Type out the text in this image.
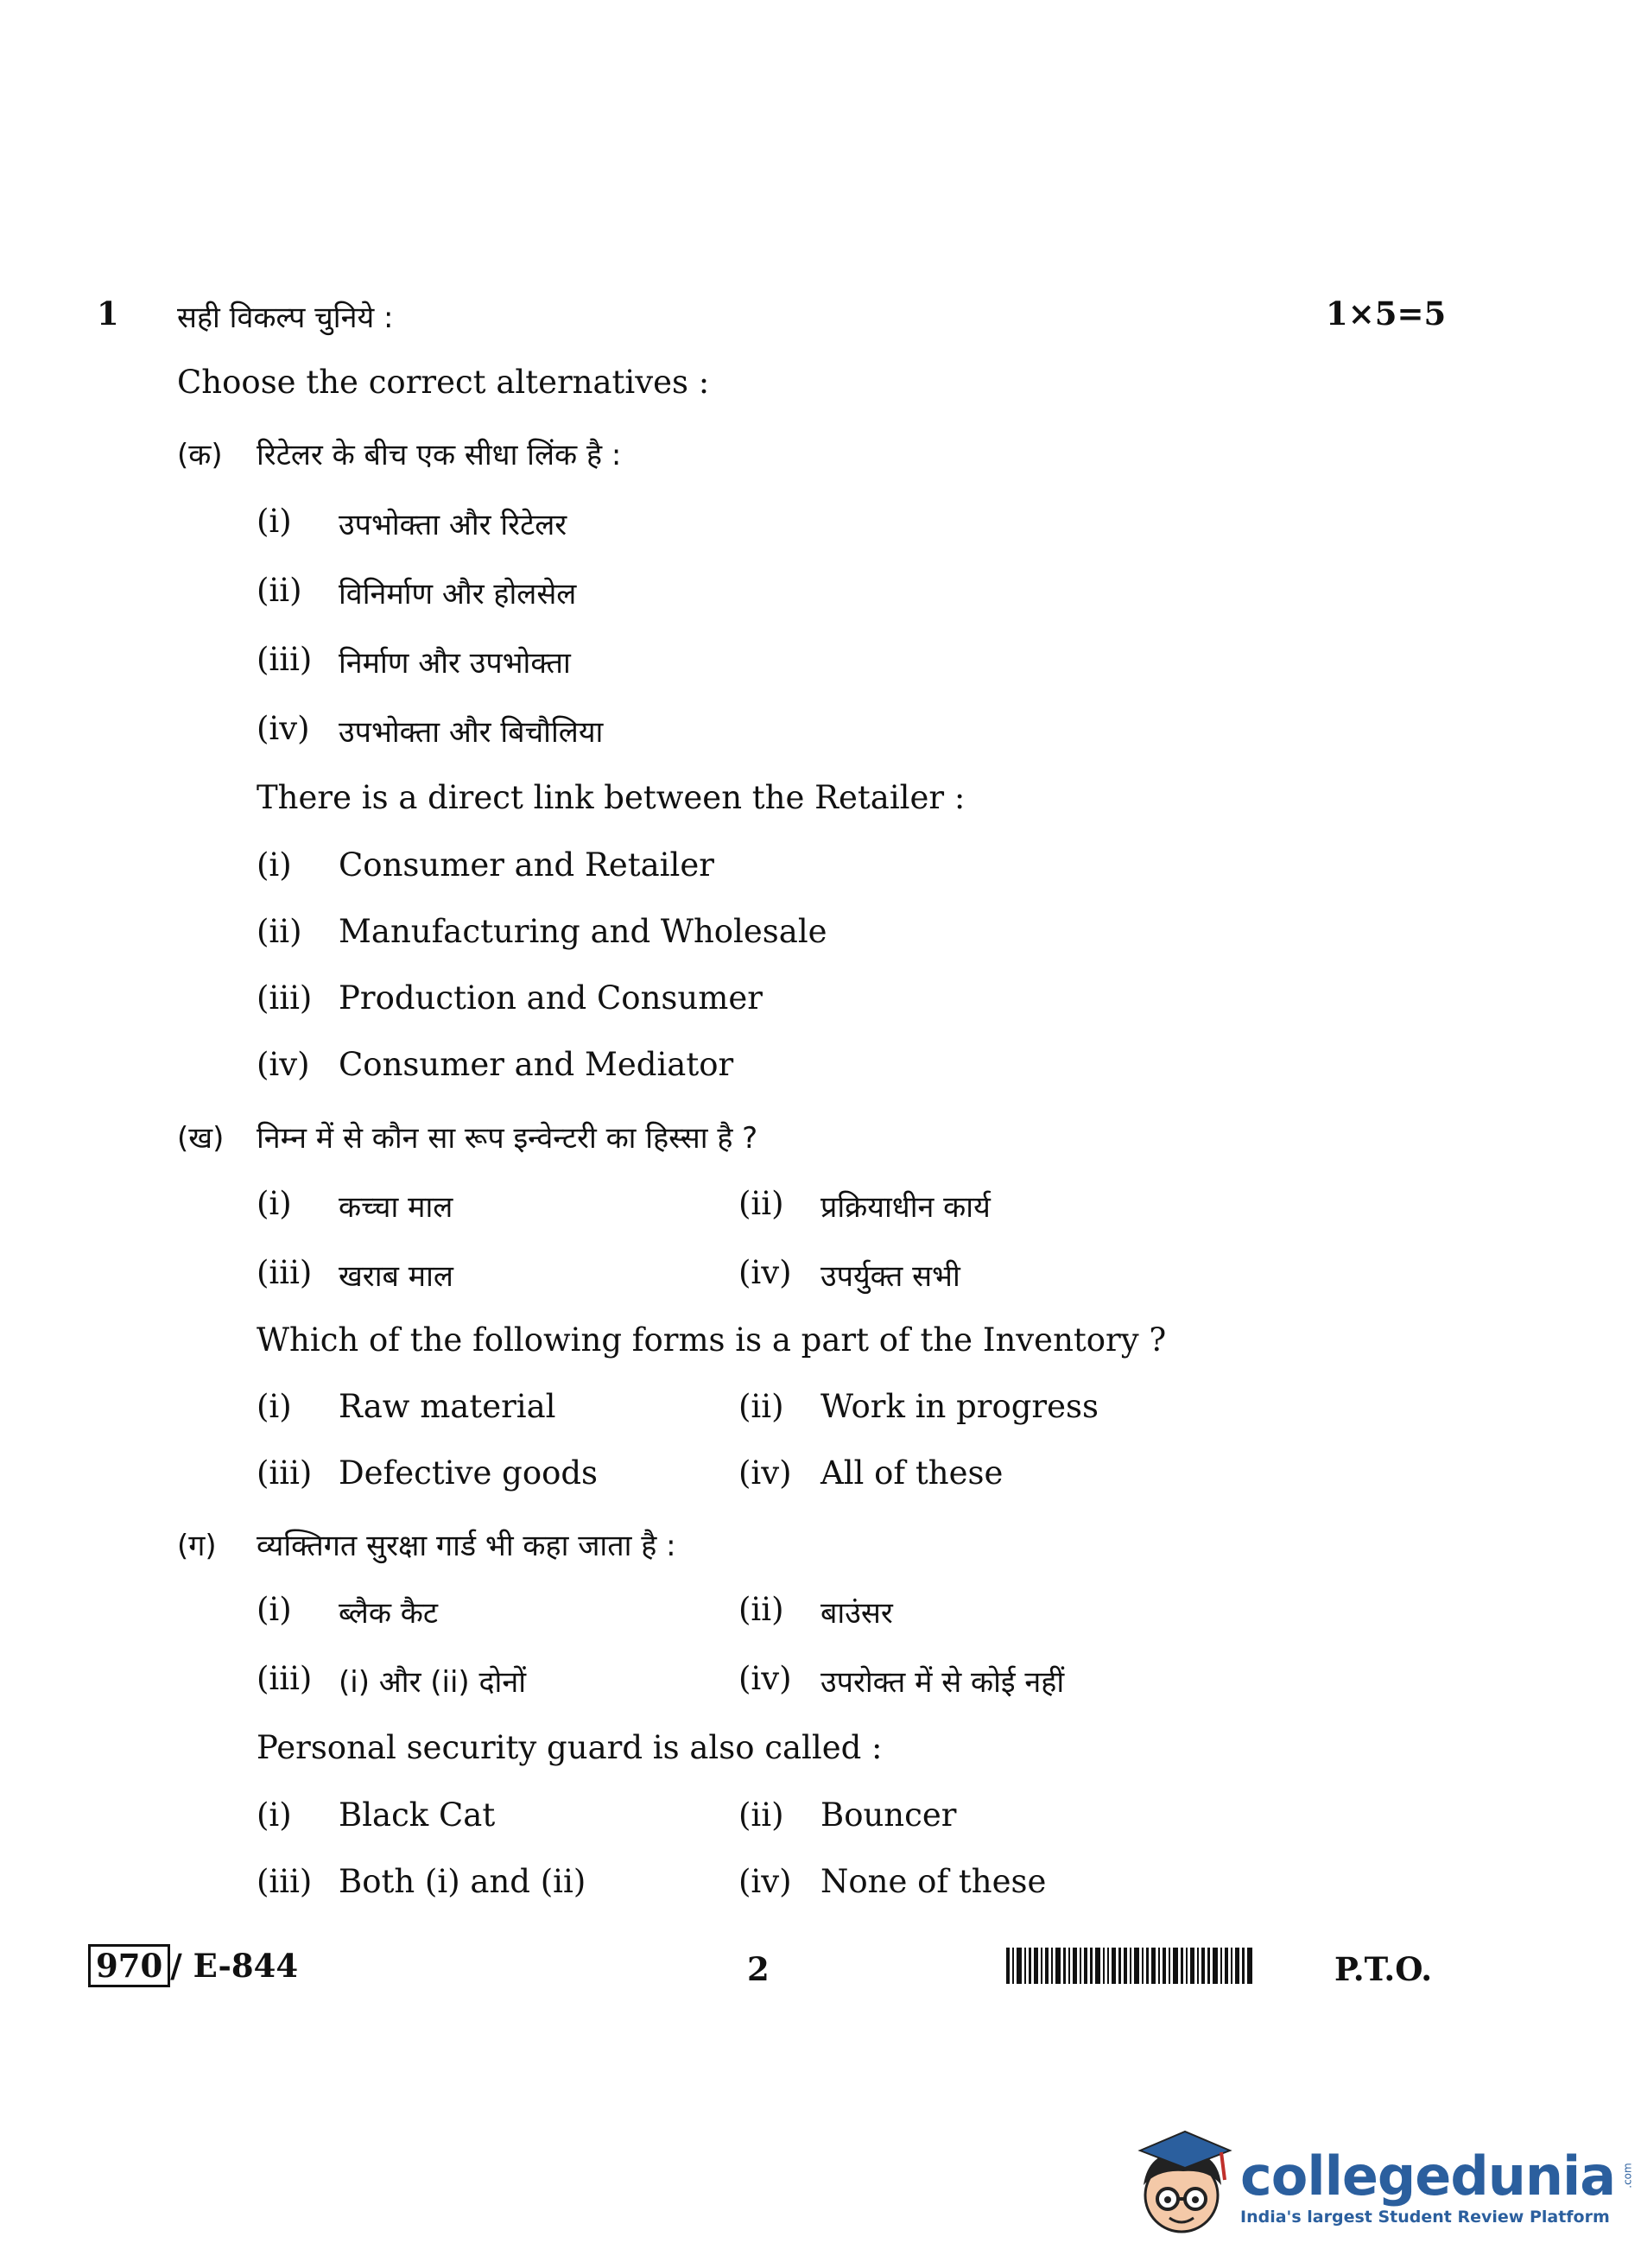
1 सही विकल्प चुनिये :	1×5=5
Choose the correct alternatives :
(क) रिटेलर के बीच एक सीधा लिंक है :
(i) उपभोक्ता और रिटेलर
(ii) विनिर्माण और होलसेल
(iii) निर्माण और उपभोक्ता
(iv) उपभोक्ता और बिचौलिया
There is a direct link between the Retailer :
(i) Consumer and Retailer
(ii) Manufacturing and Wholesale
(iii) Production and Consumer
(iv) Consumer and Mediator
(ख) निम्न में से कौन सा रूप इन्वेन्टरी का हिस्सा है ?
(i) कच्चा माल	(ii) प्रक्रियाधीन कार्य
(iii) खराब माल	(iv) उपर्युक्त सभी
Which of the following forms is a part of the Inventory ?
(i) Raw material	(ii) Work in progress
(iii) Defective goods	(iv) All of these
(ग) व्यक्तिगत सुरक्षा गार्ड भी कहा जाता है :
(i) ब्लैक कैट	(ii) बाउंसर
(iii) (i) और (ii) दोनों	(iv) उपरोक्त में से कोई नहीं
Personal security guard is also called :
(i) Black Cat	(ii) Bouncer
(iii) Both (i) and (ii)	(iv) None of these
970 / E-844	2	P.T.O.
collegedunia .com
India's largest Student Review Platform
